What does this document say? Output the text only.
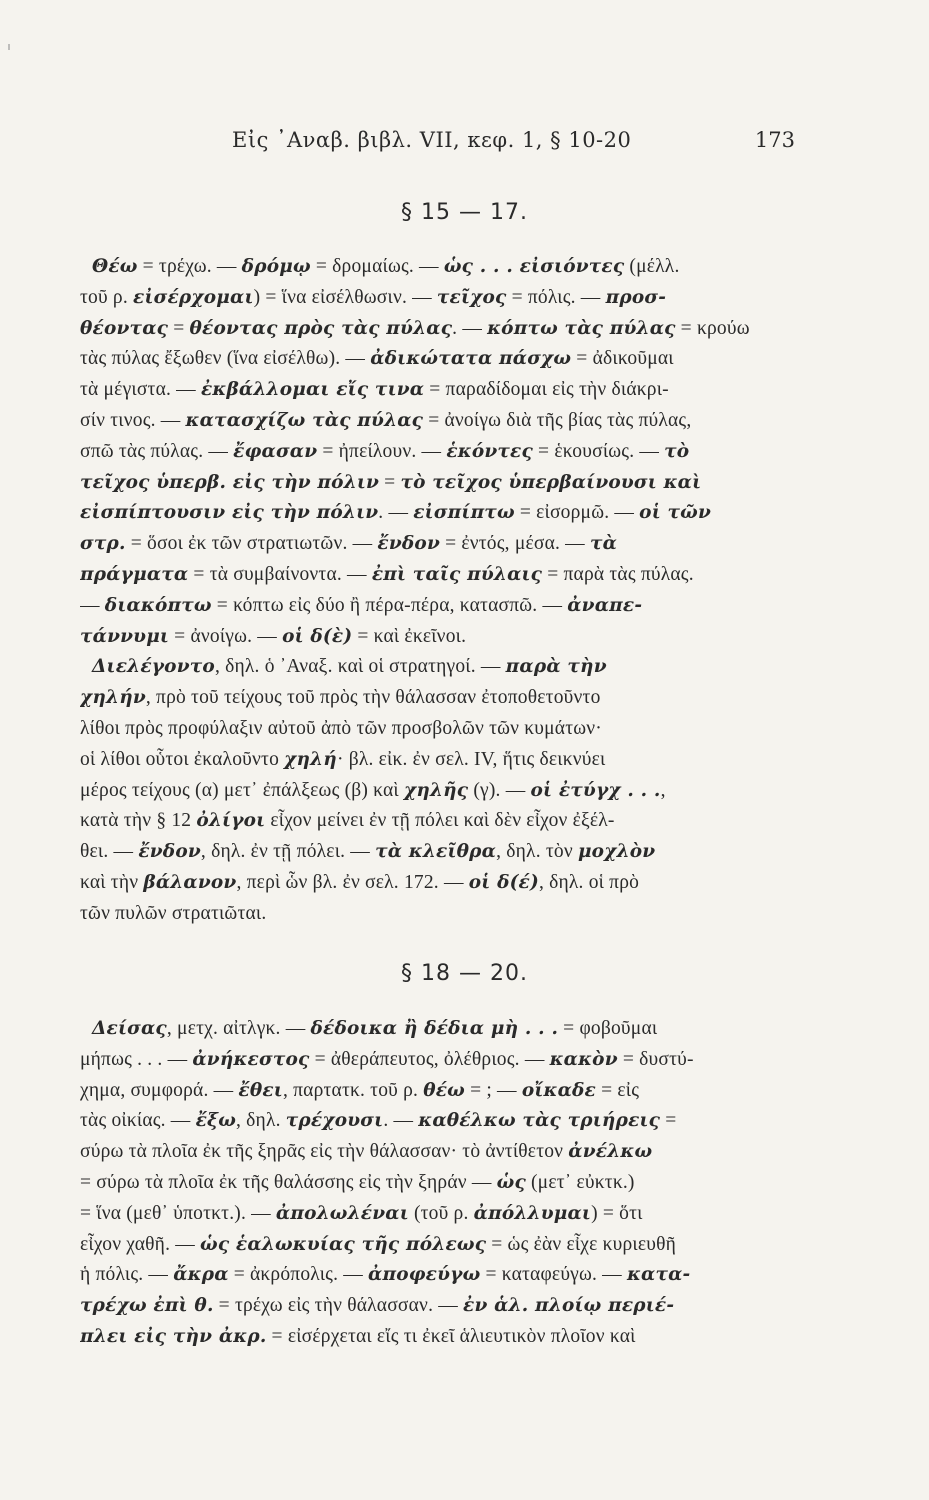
Εἰς ᾿Αναβ. βιβλ. VII, κεφ. 1, § 10-20	173
§ 15 — 17.
Θέω = τρέχω. — δρόμῳ = δρομαίως. — ὡς . . . εἰσιόντες (μέλλ.
τοῦ ρ. εἰσέρχομαι) = ἵνα εἰσέλθωσιν. — τεῖχος = πόλις. — προσ-
θέοντας = θέοντας πρὸς τὰς πύλας. — κόπτω τὰς πύλας = κρούω
τὰς πύλας ἔξωθεν (ἵνα εἰσέλθω). — ἀδικώτατα πάσχω = ἀδικοῦμαι
τὰ μέγιστα. — ἐκβάλλομαι εἴς τινα = παραδίδομαι εἰς τὴν διάκρι-
σίν τινος. — κατασχίζω τὰς πύλας = ἀνοίγω διὰ τῆς βίας τὰς πύλας,
σπῶ τὰς πύλας. — ἔφασαν = ἠπείλουν. — ἑκόντες = ἑκουσίως. — τὸ
τεῖχος ὑπερβ. εἰς τὴν πόλιν = τὸ τεῖχος ὑπερβαίνουσι καὶ
εἰσπίπτουσιν εἰς τὴν πόλιν. — εἰσπίπτω = εἰσορμῶ. — οἱ τῶν
στρ. = ὅσοι ἐκ τῶν στρατιωτῶν. — ἔνδον = ἐντός, μέσα. — τὰ
πράγματα = τὰ συμβαίνοντα. — ἐπὶ ταῖς πύλαις = παρὰ τὰς πύλας.
— διακόπτω = κόπτω εἰς δύο ἢ πέρα-πέρα, κατασπῶ. — ἀναπε-
τάννυμι = ἀνοίγω. — οἱ δ(ὲ) = καὶ ἐκεῖνοι.
Διελέγοντο, δηλ. ὁ ᾿Αναξ. καὶ οἱ στρατηγοί. — παρὰ τὴν
χηλήν, πρὸ τοῦ τείχους τοῦ πρὸς τὴν θάλασσαν ἐτοποθετοῦντο
λίθοι πρὸς προφύλαξιν αὐτοῦ ἀπὸ τῶν προσβολῶν τῶν κυμάτων·
οἱ λίθοι οὗτοι ἐκαλοῦντο χηλή· βλ. εἰκ. ἐν σελ. IV, ἥτις δεικνύει
μέρος τείχους (α) μετ᾿ ἐπάλξεως (β) καὶ χηλῆς (γ). — οἱ ἐτύγχ . . .,
κατὰ τὴν § 12 ὀλίγοι εἶχον μείνει ἐν τῇ πόλει καὶ δὲν εἶχον ἐξέλ-
θει. — ἔνδον, δηλ. ἐν τῇ πόλει. — τὰ κλεῖθρα, δηλ. τὸν μοχλὸν
καὶ τὴν βάλανον, περὶ ὧν βλ. ἐν σελ. 172. — οἱ δ(έ), δηλ. οἱ πρὸ
τῶν πυλῶν στρατιῶται.
§ 18 — 20.
Δείσας, μετχ. αἰτλγκ. — δέδοικα ἢ δέδια μὴ . . . = φοβοῦμαι
μήπως . . . — ἀνήκεστος = ἀθεράπευτος, ὀλέθριος. — κακὸν = δυστύ-
χημα, συμφορά. — ἔθει, παρτατκ. τοῦ ρ. θέω = ; — οἴκαδε = εἰς
τὰς οἰκίας. — ἔξω, δηλ. τρέχουσι. — καθέλκω τὰς τριήρεις =
σύρω τὰ πλοῖα ἐκ τῆς ξηρᾶς εἰς τὴν θάλασσαν· τὸ ἀντίθετον ἀνέλκω
= σύρω τὰ πλοῖα ἐκ τῆς θαλάσσης εἰς τὴν ξηράν — ὡς (μετ᾿ εὐκτκ.)
= ἵνα (μεθ᾿ ὑποτκτ.). — ἀπολωλέναι (τοῦ ρ. ἀπόλλυμαι) = ὅτι
εἶχον χαθῆ. — ὡς ἑαλωκυίας τῆς πόλεως = ὡς ἐὰν εἶχε κυριευθῆ
ἡ πόλις. — ἄκρα = ἀκρόπολις. — ἀποφεύγω = καταφεύγω. — κατα-
τρέχω ἐπὶ θ. = τρέχω εἰς τὴν θάλασσαν. — ἐν ἁλ. πλοίῳ περιέ-
πλει εἰς τὴν ἀκρ. = εἰσέρχεται εἴς τι ἐκεῖ ἁλιευτικὸν πλοῖον καὶ
